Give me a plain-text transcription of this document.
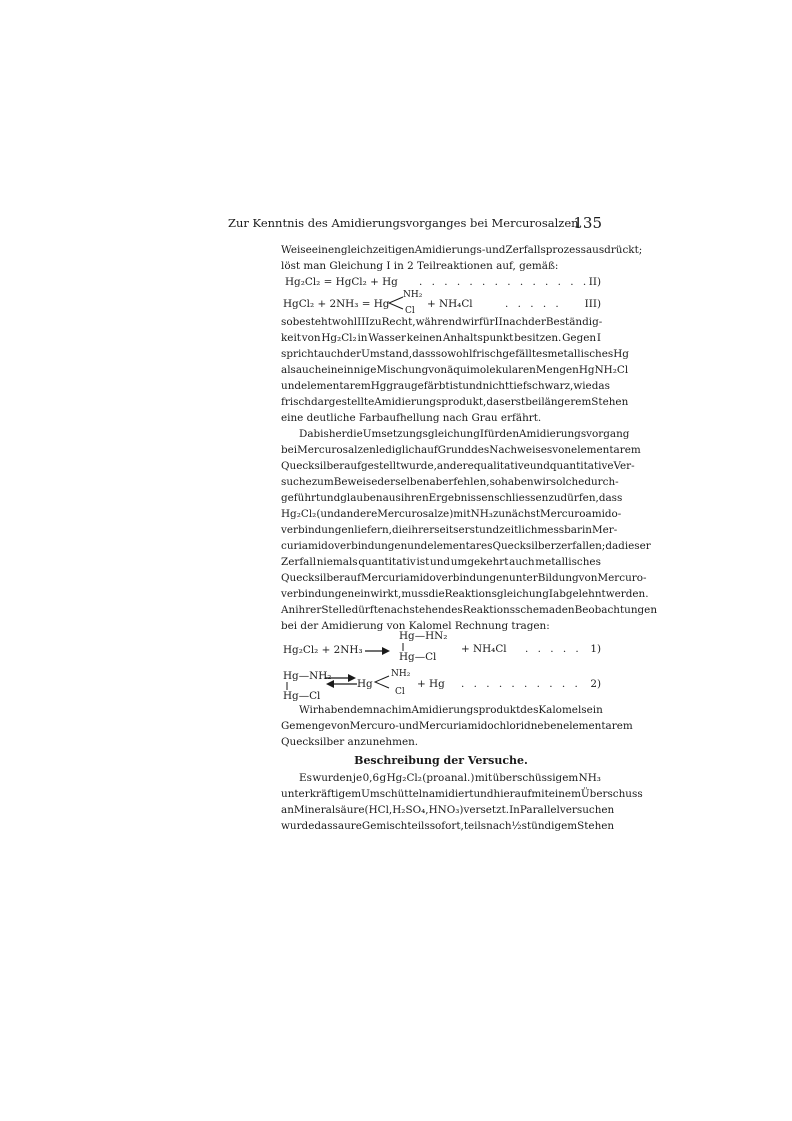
Zur Kenntnis des Amidierungsvorganges bei Mercurosalzen.
135
Weise einen gleichzeitigen Amidierungs- und Zerfallsprozess ausdrückt;
löst man Gleichung I in 2 Teilreaktionen auf, gemäß:
Hg₂Cl₂ = HgCl₂ + Hg . . . . . . . . . . . . . . II)
HgCl₂ + 2NH₃ = Hg
NH₂
Cl
+ NH₄Cl	. . . . . III)
so besteht wohl III zu Recht, während wir für II nach der Beständig-
keit von Hg₂Cl₂ in Wasser keinen Anhaltspunkt besitzen. Gegen I
spricht auch der Umstand, dass sowohl frisch gefälltes metallisches Hg
als auch eine innige Mischung von äquimolekularen Mengen HgNH₂Cl
und elementarem Hg grau gefärbt ist und nicht tiefschwarz, wie das
frisch dargestellte Amidierungsprodukt, das erst bei längerem Stehen
eine deutliche Farbaufhellung nach Grau erfährt.
Da bisher die Umsetzungsgleichung I für den Amidierungsvorgang
bei Mercurosalzen lediglich auf Grund des Nachweises von elementarem
Quecksilber aufgestellt wurde, andere qualitative und quantitative Ver-
suche zum Beweise derselben aber fehlen, so haben wir solche durch-
geführt und glauben aus ihren Ergebnissen schliessen zu dürfen, dass
Hg₂Cl₂ (und andere Mercurosalze) mit NH₃ zunächst Mercuroamido-
verbindungen liefern, die ihrerseits erst und zeitlich messbar in Mer-
curiamidoverbindungen und elementares Quecksilber zerfallen; da dieser
Zerfall niemals quantitativ ist und umgekehrt auch metallisches
Quecksilber auf Mercuriamidoverbindungen unter Bildung von Mercuro-
verbindungen einwirkt, muss die Reaktionsgleichung I abgelehnt werden.
An ihrer Stelle dürfte nachstehendes Reaktionsschema den Beobachtungen
bei der Amidierung von Kalomel Rechnung tragen:
Hg₂Cl₂ + 2NH₃ →
Hg—HN₂
Hg—Cl
+ NH₄Cl . . . . . 1)
Hg—NH₂
Hg—Cl
⇌ Hg
NH₂
Cl
+ Hg . . . . . . . . . . 2)
Wir haben demnach im Amidierungsprodukt des Kalomels ein
Gemenge von Mercuro- und Mercuriamidochlorid neben elementarem
Quecksilber anzunehmen.
Beschreibung der Versuche.
Es wurden je 0,6 g Hg₂Cl₂ (pro anal.) mit überschüssigem NH₃
unter kräftigem Umschütteln amidiert und hierauf mit einem Überschuss
an Mineralsäure (HCl, H₂SO₄, HNO₃) versetzt. In Parallelversuchen
wurde das saure Gemisch teils sofort, teils nach ½stündigem Stehen
